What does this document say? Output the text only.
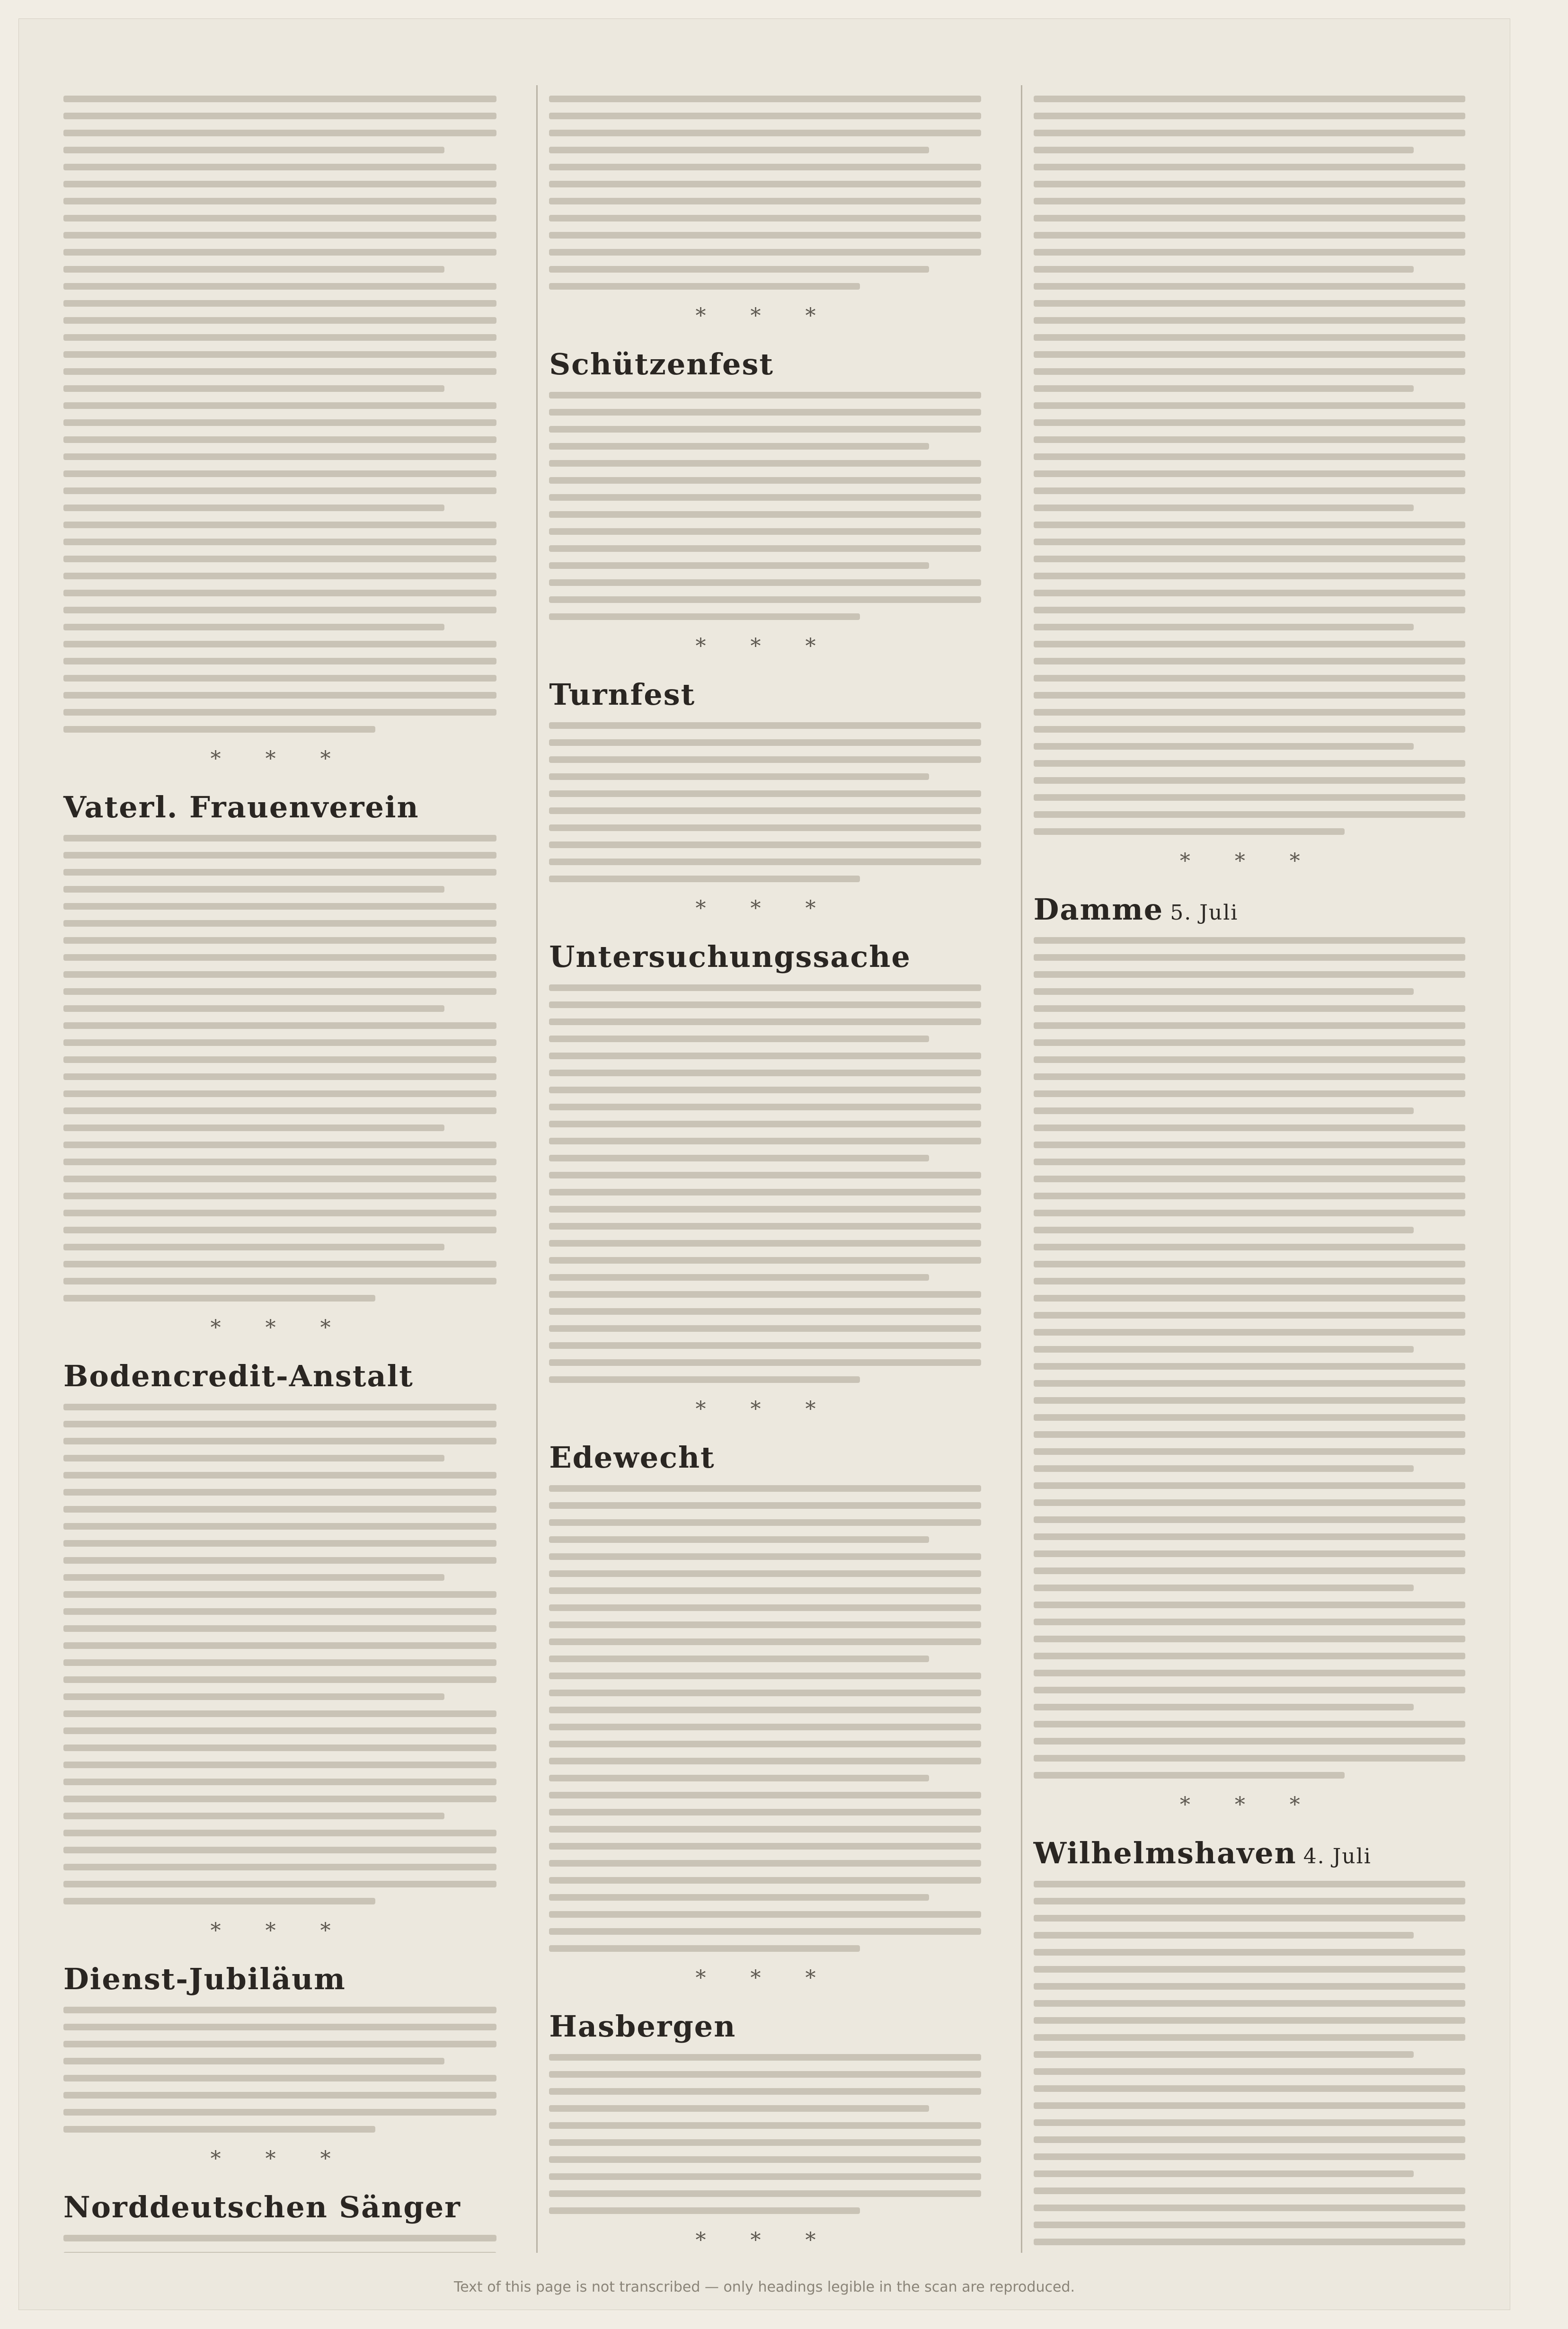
* * *
Vaterl. Frauenverein
* * *
Bodencredit-Anstalt
* * *
Dienst-Jubiläum
* * *
Norddeutschen Sänger
* * *
Schützenfest
* * *
Turnfest
* * *
Untersuchungssache
* * *
Edewecht
* * *
Hasbergen
* * *
* * *
Damme 5. Juli
* * *
Wilhelmshaven 4. Juli
Text of this page is not transcribed — only headings legible in the scan are reproduced.
